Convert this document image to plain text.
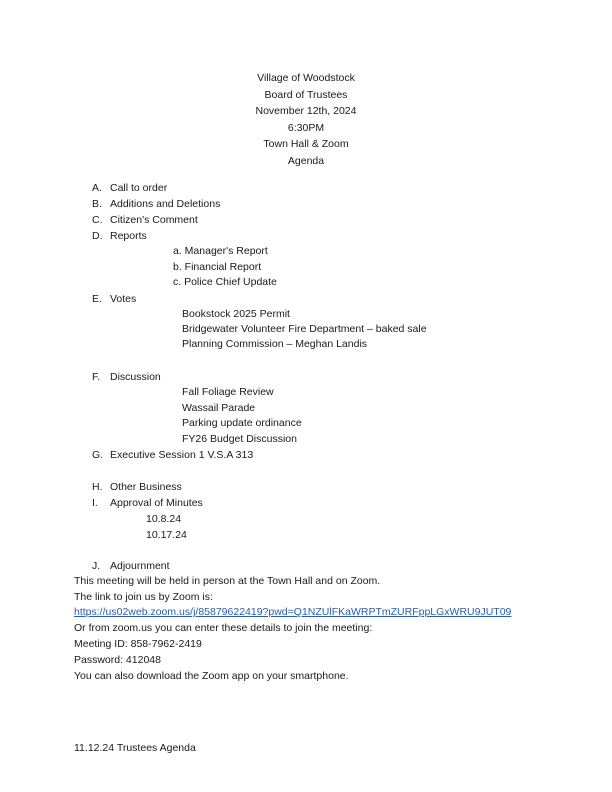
Village of Woodstock
Board of Trustees
November 12th, 2024
6:30PM
Town Hall & Zoom
Agenda
A. Call to order
B. Additions and Deletions
C. Citizen's Comment
D. Reports
a. Manager's Report
b. Financial Report
c. Police Chief Update
E. Votes
Bookstock 2025 Permit
Bridgewater Volunteer Fire Department – baked sale
Planning Commission – Meghan Landis
F. Discussion
Fall Foliage Review
Wassail Parade
Parking update ordinance
FY26 Budget Discussion
G. Executive Session 1 V.S.A 313
H. Other Business
I. Approval of Minutes
10.8.24
10.17.24
J. Adjournment
This meeting will be held in person at the Town Hall and on Zoom.
The link to join us by Zoom is:
https://us02web.zoom.us/j/85879622419?pwd=Q1NZUlFKaWRPTmZURFppLGxWRU9JUT09
Or from zoom.us you can enter these details to join the meeting:
Meeting ID: 858-7962-2419
Password: 412048
You can also download the Zoom app on your smartphone.
11.12.24 Trustees Agenda
